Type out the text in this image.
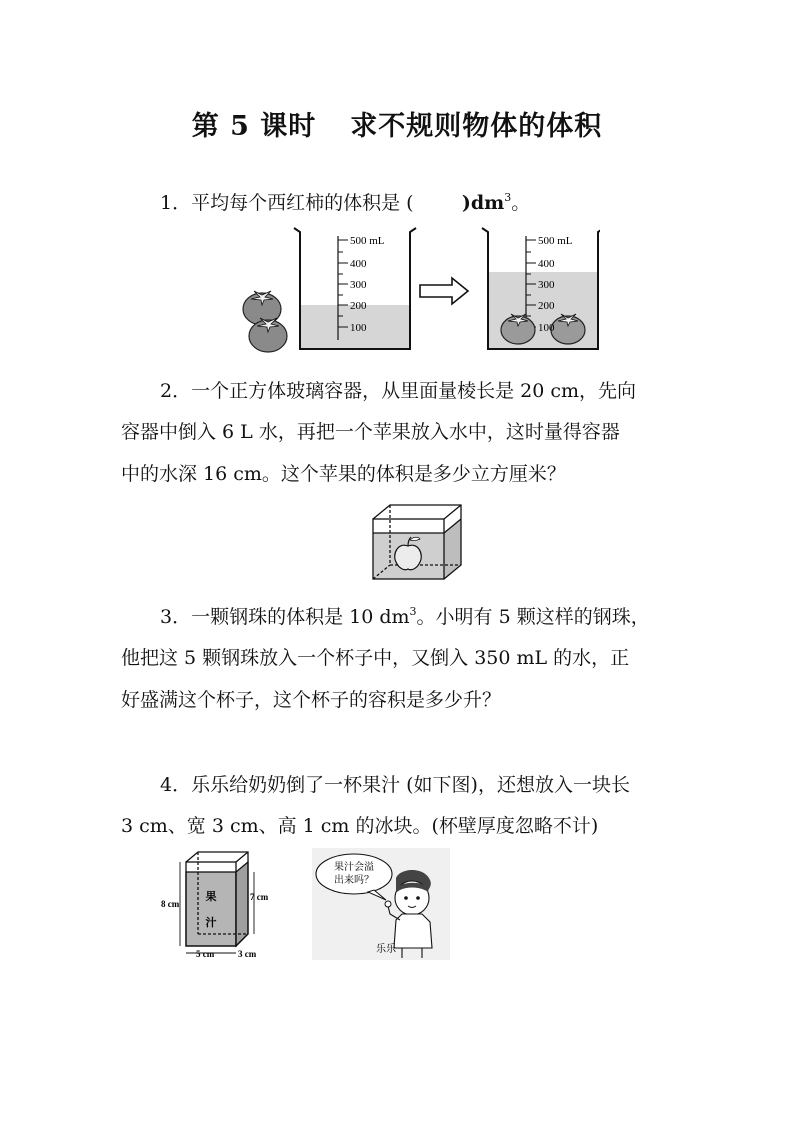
第 5 课时 求不规则物体的体积
1．平均每个西红柿的体积是 (	)$dm^3$。
500 mL
400
300
200
100
500 mL
400
300
200
100
2．一个正方体玻璃容器，从里面量棱长是 20 cm，先向
容器中倒入 6 L 水，再把一个苹果放入水中，这时量得容器
中的水深 16 cm。这个苹果的体积是多少立方厘米？
3．一颗钢珠的体积是 10 $dm^3$。小明有 5 颗这样的钢珠，
他把这 5 颗钢珠放入一个杯子中，又倒入 350 mL 的水，正
好盛满这个杯子，这个杯子的容积是多少升？
4．乐乐给奶奶倒了一杯果汁 (如下图)，还想放入一块长
3 cm、宽 3 cm、高 1 cm 的冰块。(杯壁厚度忽略不计)
果
汁
8 cm
7 cm
5 cm	3 cm
果汁会溢
出来吗？
乐乐
